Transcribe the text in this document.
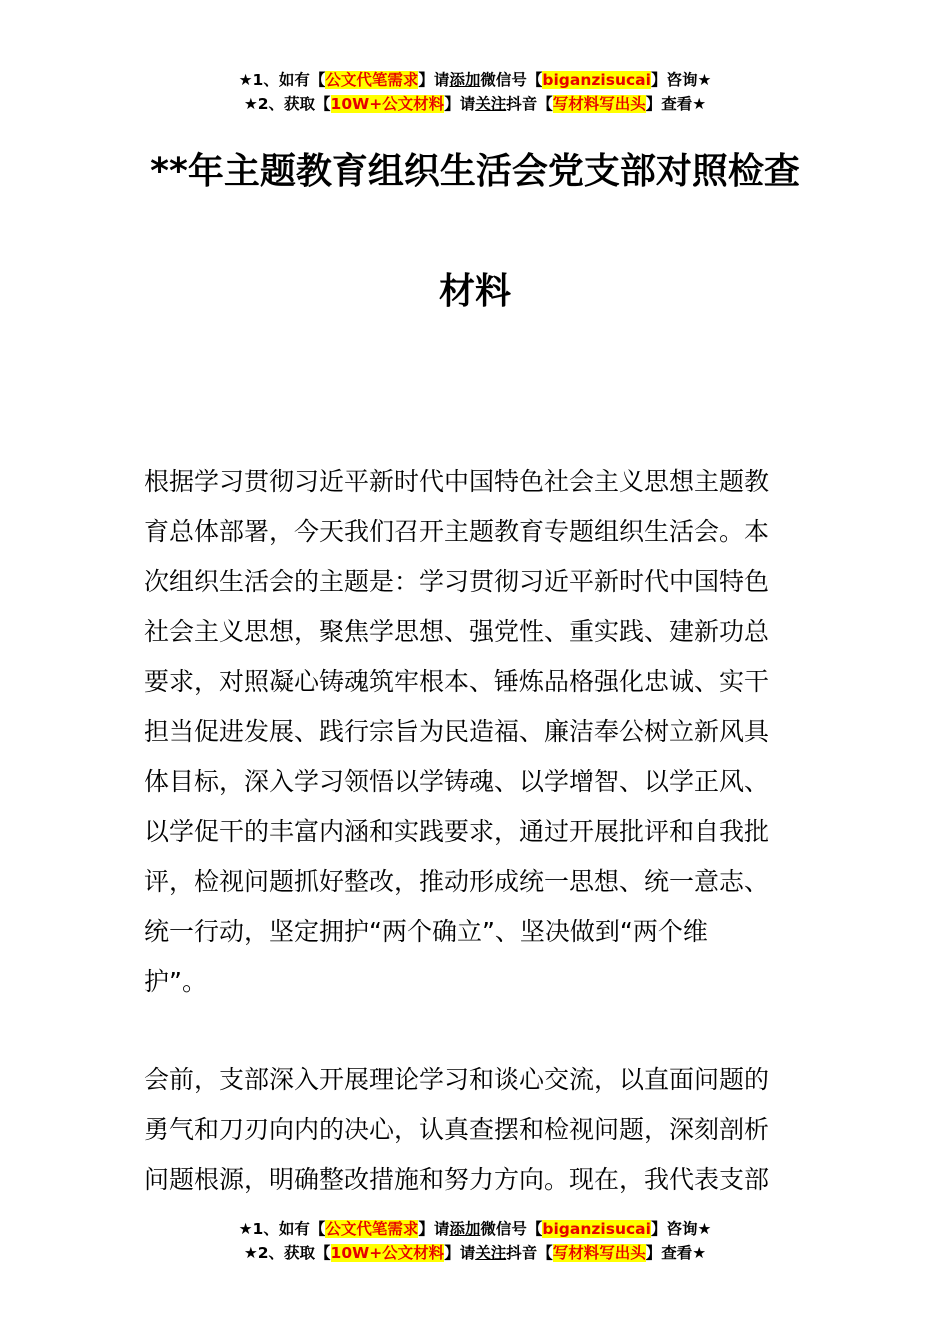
★1、如有【公文代笔需求】请添加微信号【biganzisucai】咨询★
★2、获取【10W+公文材料】请关注抖音【写材料写出头】查看★
**年主题教育组织生活会党支部对照检查
材料
根据学习贯彻习近平新时代中国特色社会主义思想主题教
育总体部署，今天我们召开主题教育专题组织生活会。本
次组织生活会的主题是：学习贯彻习近平新时代中国特色
社会主义思想，聚焦学思想、强党性、重实践、建新功总
要求，对照凝心铸魂筑牢根本、锤炼品格强化忠诚、实干
担当促进发展、践行宗旨为民造福、廉洁奉公树立新风具
体目标，深入学习领悟以学铸魂、以学增智、以学正风、
以学促干的丰富内涵和实践要求，通过开展批评和自我批
评，检视问题抓好整改，推动形成统一思想、统一意志、
统一行动，坚定拥护“两个确立”、坚决做到“两个维
护”。
会前，支部深入开展理论学习和谈心交流，以直面问题的
勇气和刀刃向内的决心，认真查摆和检视问题，深刻剖析
问题根源，明确整改措施和努力方向。现在，我代表支部
★1、如有【公文代笔需求】请添加微信号【biganzisucai】咨询★
★2、获取【10W+公文材料】请关注抖音【写材料写出头】查看★
